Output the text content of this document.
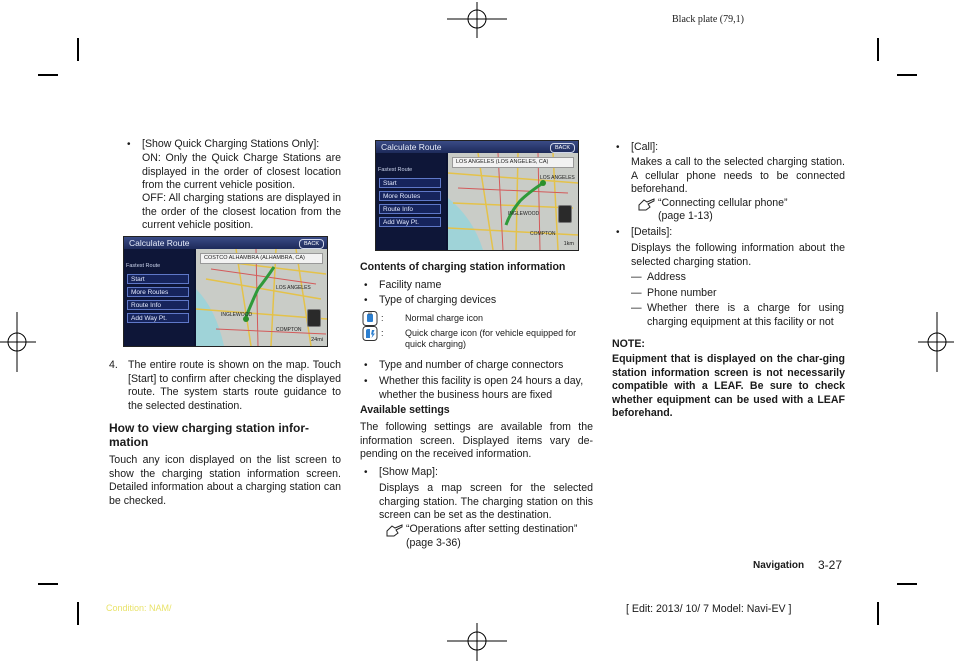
Black plate (79,1)
• [Show Quick Charging Stations Only]:
ON: Only the Quick Charge Stations are displayed in the order of closest location from the current vehicle position.
OFF: All charging stations are displayed in the order of the closest location from the current vehicle position.
Calculate Route	BACK
Fastest Route
Start
More Routes
Route Info
Add Way Pt.
COSTCO ALHAMBRA (ALHAMBRA, CA)
LOS ANGELES
INGLEWOOD
COMPTON
24mi
4. The entire route is shown on the map. Touch [Start] to confirm after checking the displayed route. The system starts route guidance to the selected destination.
How to view charging station infor-
mation
Touch any icon displayed on the list screen to show the charging station information screen. Detailed information about a charging station can be checked.
Calculate Route	BACK
Fastest Route
Start
More Routes
Route Info
Add Way Pt.
LOS ANGELES (LOS ANGELES, CA)
LOS ANGELES
INGLEWOOD
COMPTON
1km
Contents of charging station information
• Facility name
• Type of charging devices
: Normal charge icon
: Quick charge icon (for vehicle equipped for quick charging)
• Type and number of charge connectors
• Whether this facility is open 24 hours a day, whether the business hours are fixed
Available settings
The following settings are available from the information screen. Displayed items vary de-pending on the received information.
• [Show Map]:
Displays a map screen for the selected charging station. The charging station on this screen can be set as the destination.
“Operations after setting destination”
(page 3-36)
• [Call]:
Makes a call to the selected charging station. A cellular phone needs to be connected beforehand.
“Connecting cellular phone”
(page 1-13)
• [Details]:
Displays the following information about the selected charging station.
— Address
— Phone number
— Whether there is a charge for using charging equipment at this facility or not
NOTE:
Equipment that is displayed on the char-ging station information screen is not necessarily compatible with a LEAF. Be sure to check whether equipment can be used with a LEAF beforehand.
Navigation 3-27
Condition: NAM/	[ Edit: 2013/ 10/ 7 Model: Navi-EV ]
